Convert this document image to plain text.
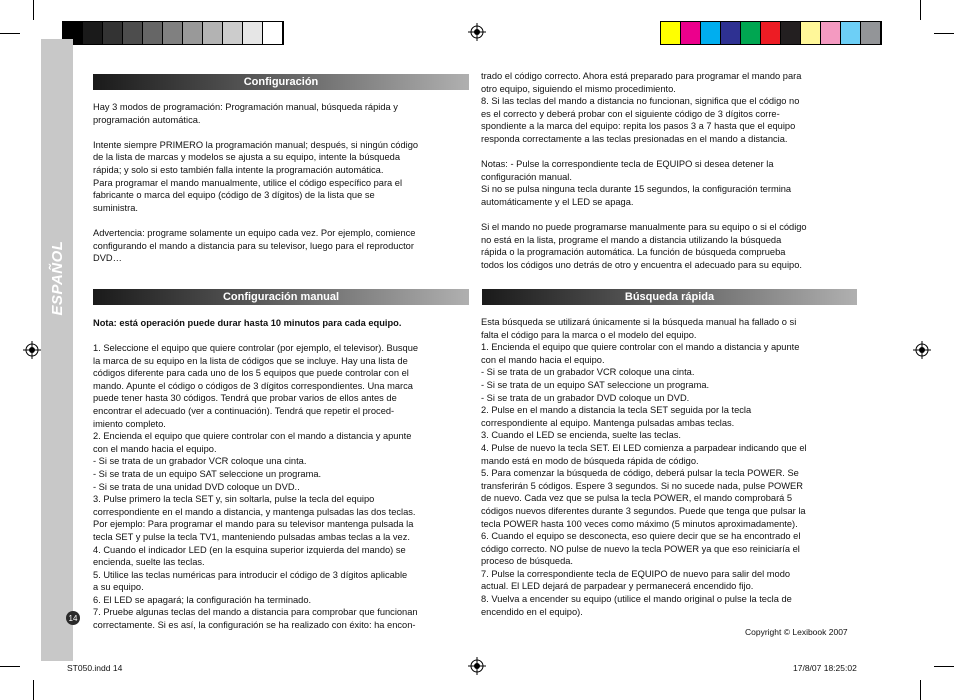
ESPAÑOL
14
Configuración

Hay 3 modos de programación: Programación manual, búsqueda rápida y

programación automática.

Intente siempre PRIMERO la programación manual; después, si ningún código

de la lista de marcas y modelos se ajusta a su equipo, intente la búsqueda

rápida; y solo si esto también falla intente la programación automática.

Para programar el mando manualmente, utilice el código específico para el

fabricante o marca del equipo (código de 3 dígitos) de la lista que se

suministra.

Advertencia: programe solamente un equipo cada vez. Por ejemplo, comience

configurando el mando a distancia para su televisor, luego para el reproductor

DVD…

trado el código correcto. Ahora está preparado para programar el mando para

otro equipo, siguiendo el mismo procedimiento.

8. Si las teclas del mando a distancia no funcionan, significa que el código no

es el correcto y deberá probar con el siguiente código de 3 dígitos corre-

spondiente a la marca del equipo: repita los pasos 3 a 7 hasta que el equipo

responda correctamente a las teclas presionadas en el mando a distancia.

Notas: - Pulse la correspondiente tecla de EQUIPO si desea detener la

configuración manual.

Si no se pulsa ninguna tecla durante 15 segundos, la configuración termina

automáticamente y el LED se apaga.

Si el mando no puede programarse manualmente para su equipo o si el código

no está en la lista, programe el mando a distancia utilizando la búsqueda

rápida o la programación automática. La función de búsqueda comprueba

todos los códigos uno detrás de otro y encuentra el adecuado para su equipo.

Configuración manual
Nota: está operación puede durar hasta 10 minutos para cada equipo.

1. Seleccione el equipo que quiere controlar (por ejemplo, el televisor). Busque

la marca de su equipo en la lista de códigos que se incluye. Hay una lista de

códigos diferente para cada uno de los 5 equipos que puede controlar con el

mando. Apunte el código o códigos de 3 dígitos correspondientes. Una marca

puede tener hasta 30 códigos. Tendrá que probar varios de ellos antes de

encontrar el adecuado (ver a continuación). Tendrá que repetir el proced-

imiento completo.

2. Encienda el equipo que quiere controlar con el mando a distancia y apunte

con el mando hacia el equipo.

- Si se trata de un grabador VCR coloque una cinta.

- Si se trata de un equipo SAT seleccione un programa.

- Si se trata de una unidad DVD coloque un DVD..

3. Pulse primero la tecla SET y, sin soltarla, pulse la tecla del equipo

correspondiente en el mando a distancia, y mantenga pulsadas las dos teclas.

Por ejemplo: Para programar el mando para su televisor mantenga pulsada la

tecla SET y pulse la tecla TV1, manteniendo pulsadas ambas teclas a la vez.

4. Cuando el indicador LED (en la esquina superior izquierda del mando) se

encienda, suelte las teclas.

5. Utilice las teclas numéricas para introducir el código de 3 dígitos aplicable

a su equipo.

6. El LED se apagará; la configuración ha terminado.

7. Pruebe algunas teclas del mando a distancia para comprobar que funcionan

correctamente. Si es así, la configuración se ha realizado con éxito: ha encon-

Búsqueda rápida

Esta búsqueda se utilizará únicamente si la búsqueda manual ha fallado o si

falta el código para la marca o el modelo del equipo.

1. Encienda el equipo que quiere controlar con el mando a distancia y apunte

con el mando hacia el equipo.

- Si se trata de un grabador VCR coloque una cinta.

- Si se trata de un equipo SAT seleccione un programa.

- Si se trata de un grabador DVD coloque un DVD.

2. Pulse en el mando a distancia la tecla SET seguida por la tecla

correspondiente al equipo. Mantenga pulsadas ambas teclas.

3. Cuando el LED se encienda, suelte las teclas.

4. Pulse de nuevo la tecla SET. El LED comienza a parpadear indicando que el

mando está en modo de búsqueda rápida de código.

5. Para comenzar la búsqueda de código, deberá pulsar la tecla POWER. Se

transferirán 5 códigos. Espere 3 segundos. Si no sucede nada, pulse POWER

de nuevo. Cada vez que se pulsa la tecla POWER, el mando comprobará 5

códigos nuevos diferentes durante 3 segundos. Puede que tenga que pulsar la

tecla POWER hasta 100 veces como máximo (5 minutos aproximadamente).

6. Cuando el equipo se desconecta, eso quiere decir que se ha encontrado el

código correcto. NO pulse de nuevo la tecla POWER ya que eso reiniciaría el

proceso de búsqueda.

7. Pulse la correspondiente tecla de EQUIPO de nuevo para salir del modo

actual. El LED dejará de parpadear y permanecerá encendido fijo.

8. Vuelva a encender su equipo (utilice el mando original o pulse la tecla de

encendido en el equipo).

Copyright © Lexibook 2007
ST050.indd 14	17/8/07 18:25:02
